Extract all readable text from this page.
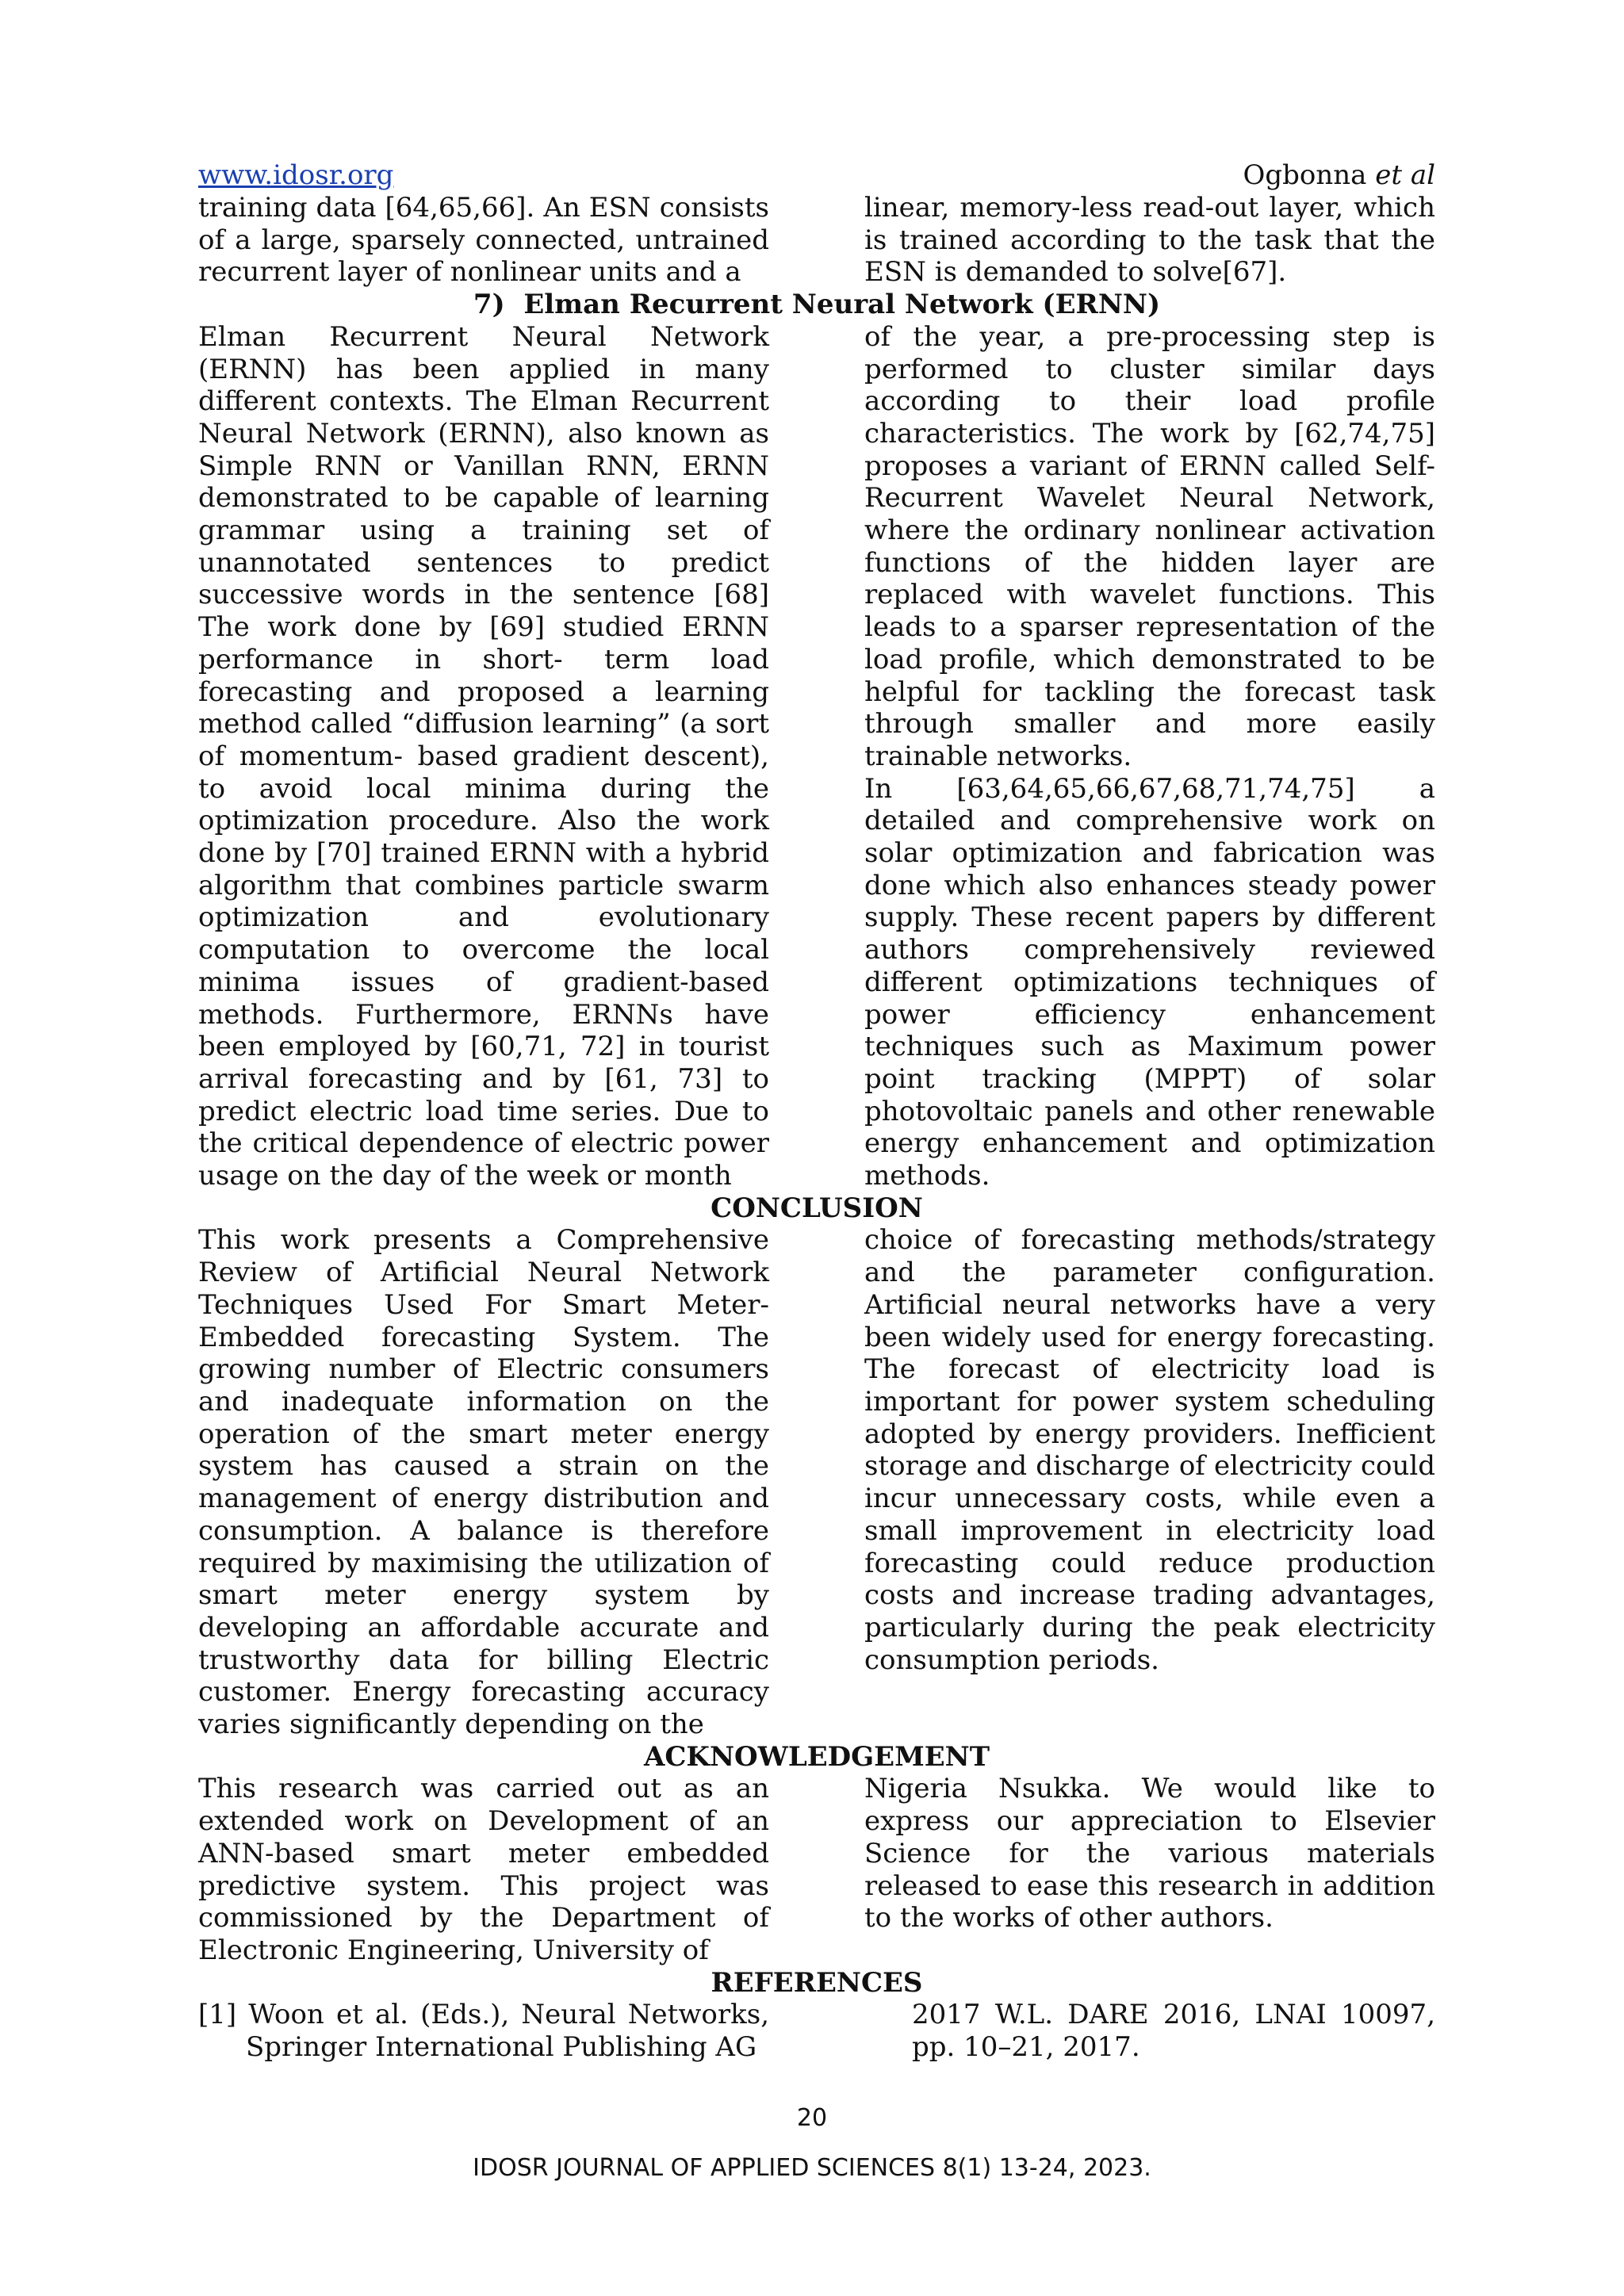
www.idosr.org	Ogbonna et al

training data [64,65,66]. An ESN consists of a large, sparsely connected, untrained recurrent layer of nonlinear units and a

linear, memory-less read-out layer, which is trained according to the task that the ESN is demanded to solve[67].

7)  Elman Recurrent Neural Network (ERNN)

Elman Recurrent Neural Network (ERNN) has been applied in many different contexts. The Elman Recurrent Neural Network (ERNN), also known as Simple RNN or Vanillan RNN, ERNN demonstrated to be capable of learning grammar using a training set of unannotated sentences to predict successive words in the sentence [68] The work done by [69] studied ERNN performance in short- term load forecasting and proposed a learning method called “diffusion learning” (a sort of momentum- based gradient descent), to avoid local minima during the optimization procedure. Also the work done by [70] trained ERNN with a hybrid algorithm that combines particle swarm optimization and evolutionary computation to overcome the local minima issues of gradient-based methods. Furthermore, ERNNs have been employed by [60,71, 72] in tourist arrival forecasting and by [61, 73] to predict electric load time series. Due to the critical dependence of electric power usage on the day of the week or month

of the year, a pre-processing step is performed to cluster similar days according to their load profile characteristics. The work by [62,74,75] proposes a variant of ERNN called Self-Recurrent Wavelet Neural Network, where the ordinary nonlinear activation functions of the hidden layer are replaced with wavelet functions. This leads to a sparser representation of the load profile, which demonstrated to be helpful for tackling the forecast task through smaller and more easily trainable networks.

In [63,64,65,66,67,68,71,74,75] a detailed and comprehensive work on solar optimization and fabrication was done which also enhances steady power supply. These recent papers by different authors comprehensively reviewed different optimizations techniques of power efficiency enhancement techniques such as Maximum power point tracking (MPPT) of solar photovoltaic panels and other renewable energy enhancement and optimization methods.

CONCLUSION

This work presents a Comprehensive Review of Artificial Neural Network Techniques Used For Smart Meter-Embedded forecasting System. The growing number of Electric consumers and inadequate information on the operation of the smart meter energy system has caused a strain on the management of energy distribution and consumption. A balance is therefore required by maximising the utilization of smart meter energy system by developing an affordable accurate and trustworthy data for billing Electric customer. Energy forecasting accuracy varies significantly depending on the

choice of forecasting methods/strategy and the parameter configuration. Artificial neural networks have a very been widely used for energy forecasting. The forecast of electricity load is important for power system scheduling adopted by energy providers. Inefficient storage and discharge of electricity could incur unnecessary costs, while even a small improvement in electricity load forecasting could reduce production costs and increase trading advantages, particularly during the peak electricity consumption periods.

ACKNOWLEDGEMENT

This research was carried out as an extended work on Development of an ANN-based smart meter embedded predictive system. This project was commissioned by the Department of Electronic Engineering, University of

Nigeria Nsukka. We would like to express our appreciation to Elsevier Science for the various materials released to ease this research in addition to the works of other authors.

REFERENCES
[1] Woon et al. (Eds.), Neural Networks, Springer International Publishing AG
2017 W.L. DARE 2016, LNAI 10097, pp. 10–21, 2017.
20
IDOSR JOURNAL OF APPLIED SCIENCES 8(1) 13-24, 2023.
